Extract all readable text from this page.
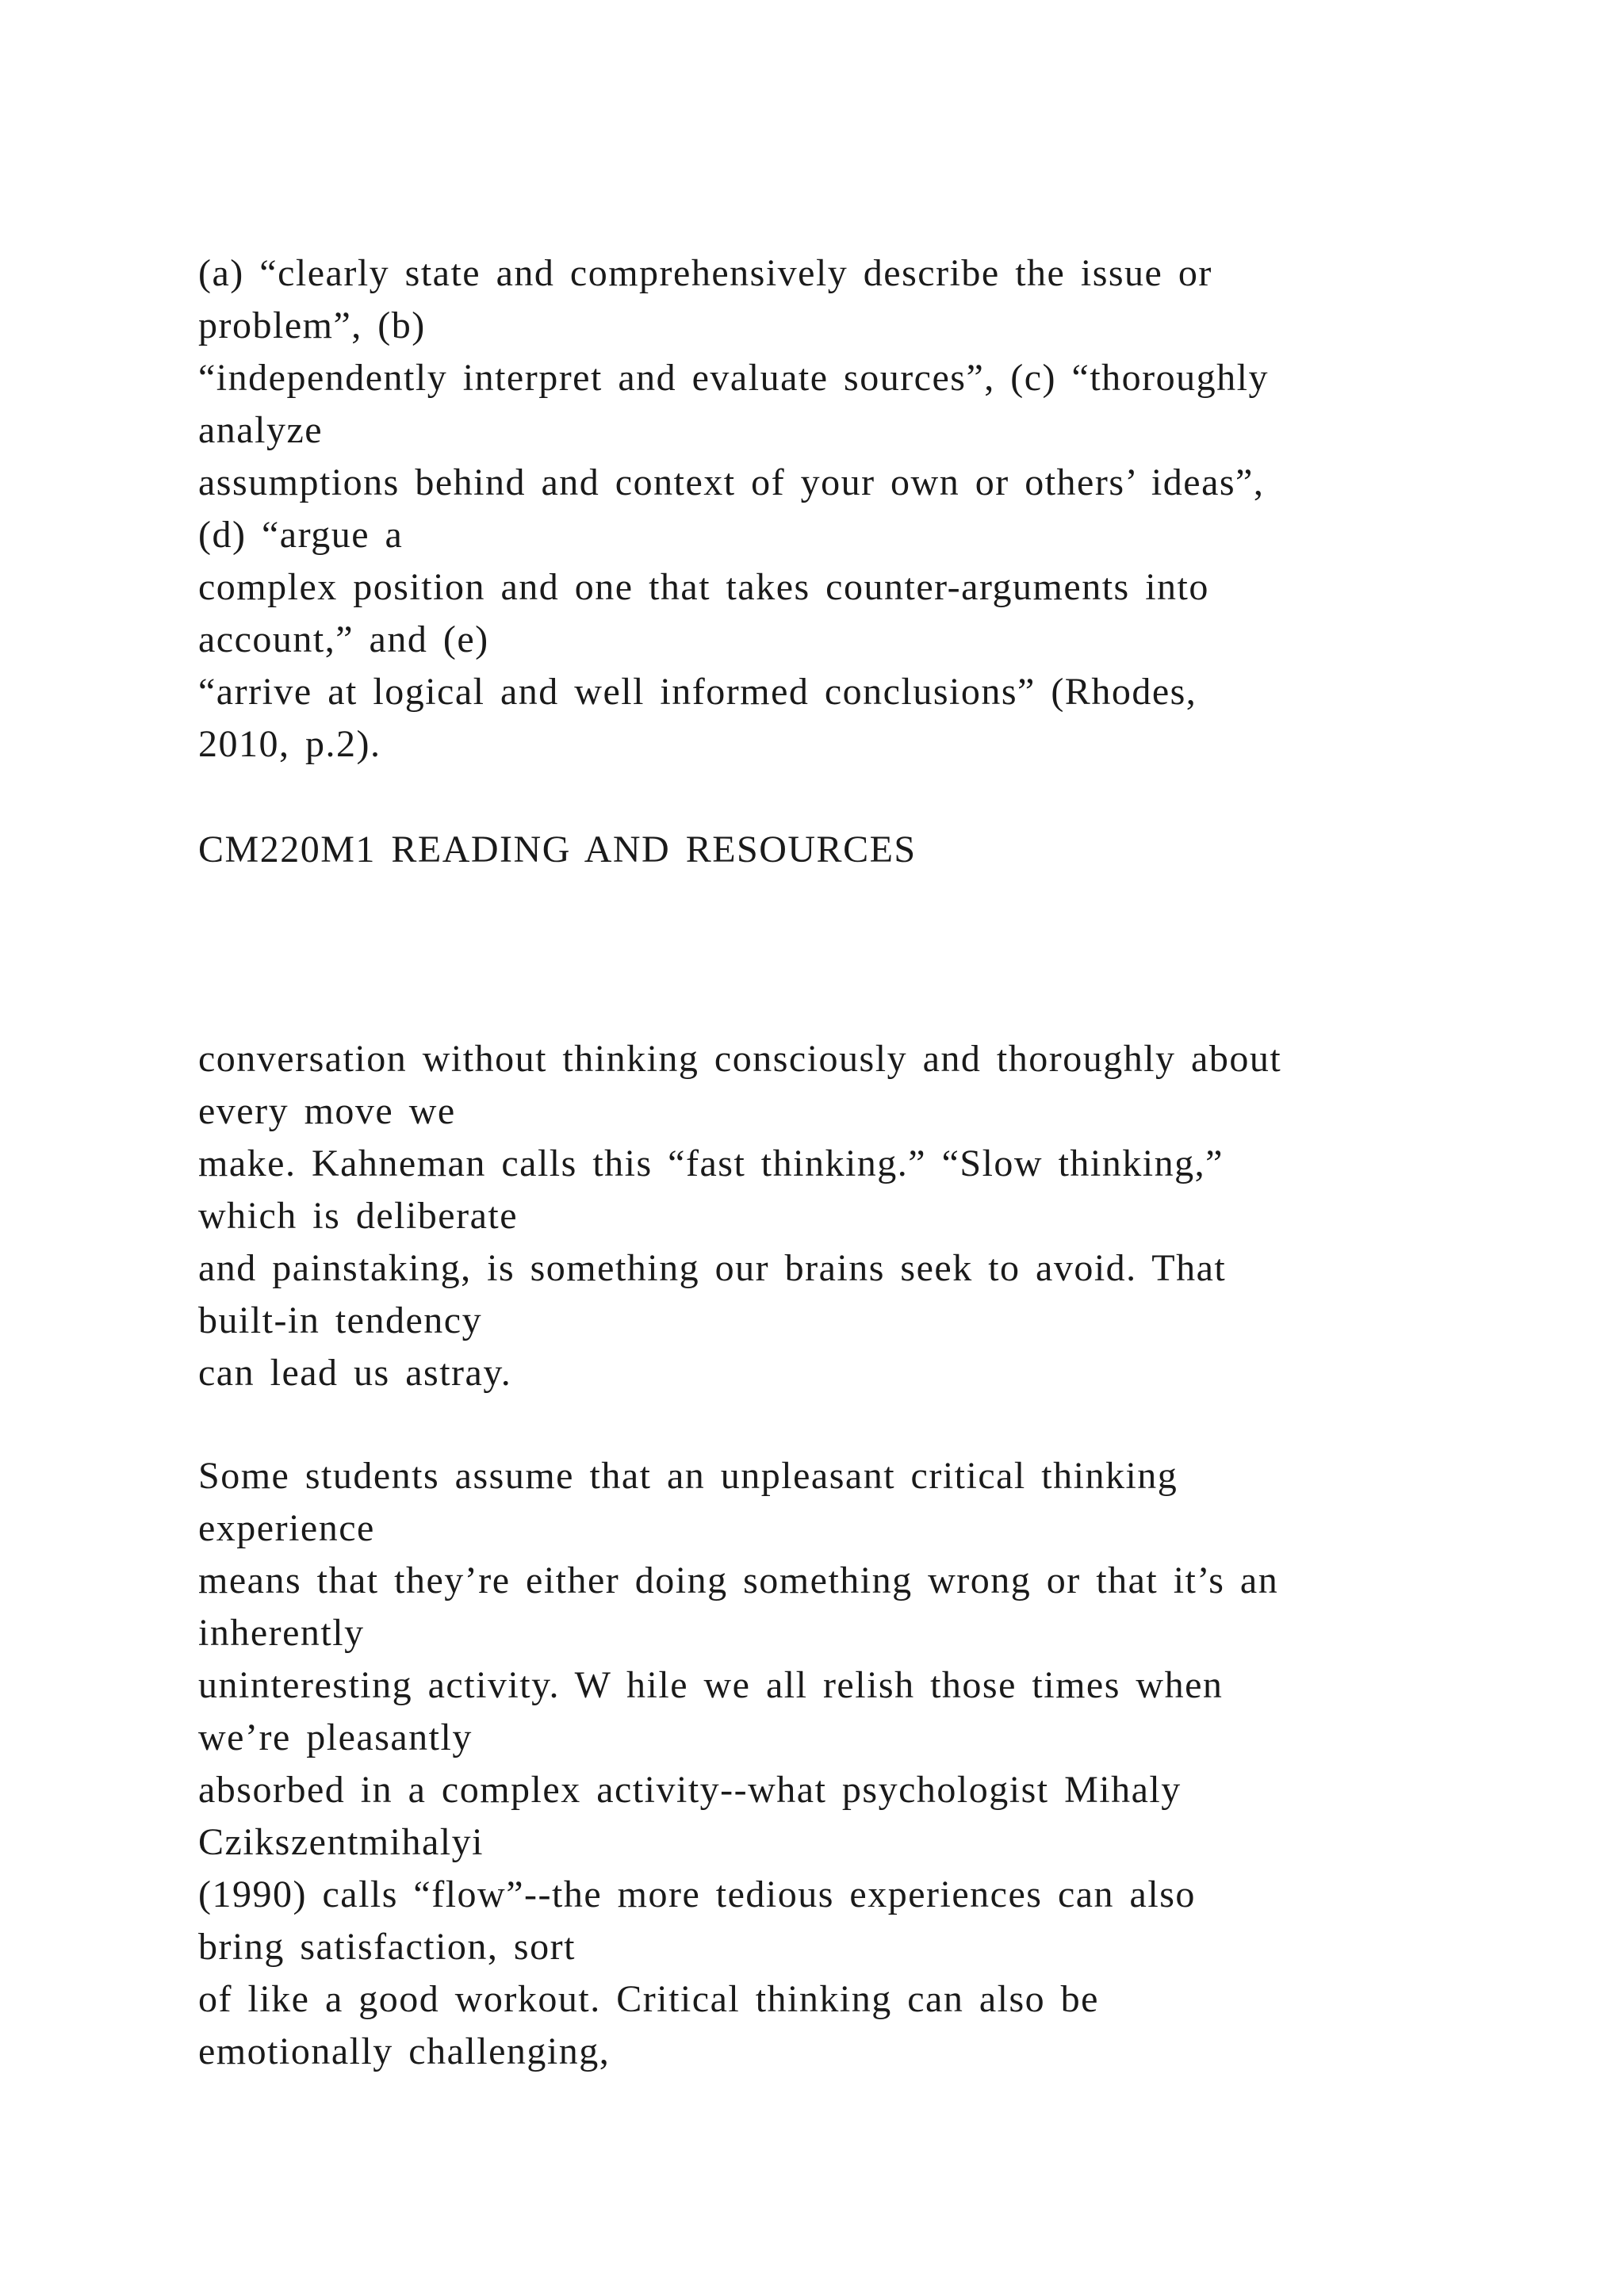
(a) “clearly state and comprehensively describe the issue or
problem”, (b)
“independently interpret and evaluate sources”, (c) “thoroughly
analyze
assumptions behind and context of your own or others’ ideas”,
(d) “argue a
complex position and one that takes counter-arguments into
account,” and (e)
“arrive at logical and well informed conclusions” (Rhodes,
2010, p.2).
CM220M1 READING AND RESOURCES
conversation without thinking consciously and thoroughly about
every move we
make. Kahneman calls this “fast thinking.” “Slow thinking,”
which is deliberate
and painstaking, is something our brains seek to avoid. That
built-in tendency
can lead us astray.
Some students assume that an unpleasant critical thinking
experience
means that they’re either doing something wrong or that it’s an
inherently
uninteresting activity. W hile we all relish those times when
we’re pleasantly
absorbed in a complex activity--what psychologist Mihaly
Czikszentmihalyi
(1990) calls “flow”--the more tedious experiences can also
bring satisfaction, sort
of like a good workout. Critical thinking can also be
emotionally challenging,
